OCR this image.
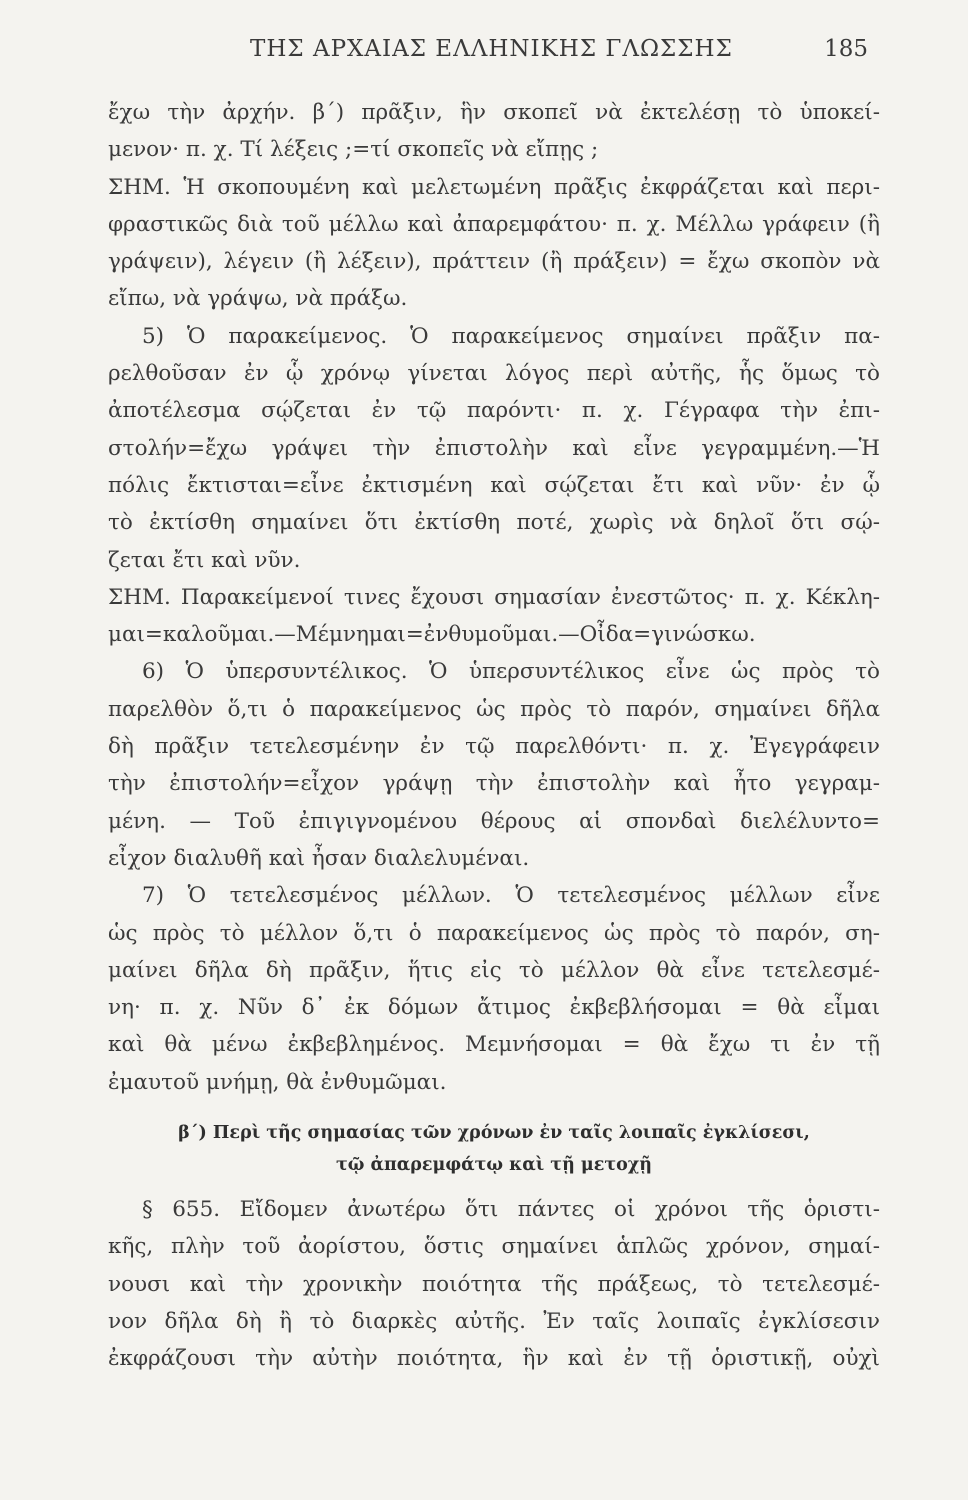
ΤΗΣ ΑΡΧΑΙΑΣ ΕΛΛΗΝΙΚΗΣ ΓΛΩΣΣΗΣ	185
ἔχω τὴν ἀρχήν. β΄) πρᾶξιν, ἣν σκοπεῖ νὰ ἐκτελέσῃ τὸ ὑποκεί-
μενον· π. χ. Τί λέξεις ;=τί σκοπεῖς νὰ εἴπῃς ;
ΣΗΜ. Ἡ σκοπουμένη καὶ μελετωμένη πρᾶξις ἐκφράζεται καὶ περι-
φραστικῶς διὰ τοῦ μέλλω καὶ ἀπαρεμφάτου· π. χ. Μέλλω γράφειν (ἢ
γράψειν), λέγειν (ἢ λέξειν), πράττειν (ἢ πράξειν) = ἔχω σκοπὸν νὰ
εἴπω, νὰ γράψω, νὰ πράξω.
5) Ὁ παρακείμενος. Ὁ παρακείμενος σημαίνει πρᾶξιν πα-
ρελθοῦσαν ἐν ᾧ χρόνῳ γίνεται λόγος περὶ αὐτῆς, ἧς ὅμως τὸ
ἀποτέλεσμα σῴζεται ἐν τῷ παρόντι· π. χ. Γέγραφα τὴν ἐπι-
στολήν=ἔχω γράψει τὴν ἐπιστολὴν καὶ εἶνε γεγραμμένη.—Ἡ
πόλις ἔκτισται=εἶνε ἐκτισμένη καὶ σῴζεται ἔτι καὶ νῦν· ἐν ᾧ
τὸ ἐκτίσθη σημαίνει ὅτι ἐκτίσθη ποτέ, χωρὶς νὰ δηλοῖ ὅτι σῴ-
ζεται ἔτι καὶ νῦν.
ΣΗΜ. Παρακείμενοί τινες ἔχουσι σημασίαν ἐνεστῶτος· π. χ. Κέκλη-
μαι=καλοῦμαι.—Μέμνημαι=ἐνθυμοῦμαι.—Οἶδα=γινώσκω.
6) Ὁ ὑπερσυντέλικος. Ὁ ὑπερσυντέλικος εἶνε ὡς πρὸς τὸ
παρελθὸν ὅ,τι ὁ παρακείμενος ὡς πρὸς τὸ παρόν, σημαίνει δῆλα
δὴ πρᾶξιν τετελεσμένην ἐν τῷ παρελθόντι· π. χ. Ἐγεγράφειν
τὴν ἐπιστολήν=εἶχον γράψῃ τὴν ἐπιστολὴν καὶ ἦτο γεγραμ-
μένη. — Τοῦ ἐπιγιγνομένου θέρους αἱ σπονδαὶ διελέλυντο=
εἶχον διαλυθῆ καὶ ἦσαν διαλελυμέναι.
7) Ὁ τετελεσμένος μέλλων. Ὁ τετελεσμένος μέλλων εἶνε
ὡς πρὸς τὸ μέλλον ὅ,τι ὁ παρακείμενος ὡς πρὸς τὸ παρόν, ση-
μαίνει δῆλα δὴ πρᾶξιν, ἥτις εἰς τὸ μέλλον θὰ εἶνε τετελεσμέ-
νη· π. χ. Νῦν δ᾽ ἐκ δόμων ἄτιμος ἐκβεβλήσομαι = θὰ εἶμαι
καὶ θὰ μένω ἐκβεβλημένος. Μεμνήσομαι = θὰ ἔχω τι ἐν τῇ
ἐμαυτοῦ μνήμῃ, θὰ ἐνθυμῶμαι.
β΄) Περὶ τῆς σημασίας τῶν χρόνων ἐν ταῖς λοιπαῖς ἐγκλίσεσι,
τῷ ἀπαρεμφάτῳ καὶ τῇ μετοχῇ
§ 655. Εἴδομεν ἀνωτέρω ὅτι πάντες οἱ χρόνοι τῆς ὁριστι-
κῆς, πλὴν τοῦ ἀορίστου, ὅστις σημαίνει ἁπλῶς χρόνον, σημαί-
νουσι καὶ τὴν χρονικὴν ποιότητα τῆς πράξεως, τὸ τετελεσμέ-
νον δῆλα δὴ ἢ τὸ διαρκὲς αὐτῆς. Ἐν ταῖς λοιπαῖς ἐγκλίσεσιν
ἐκφράζουσι τὴν αὐτὴν ποιότητα, ἣν καὶ ἐν τῇ ὁριστικῇ, οὐχὶ
